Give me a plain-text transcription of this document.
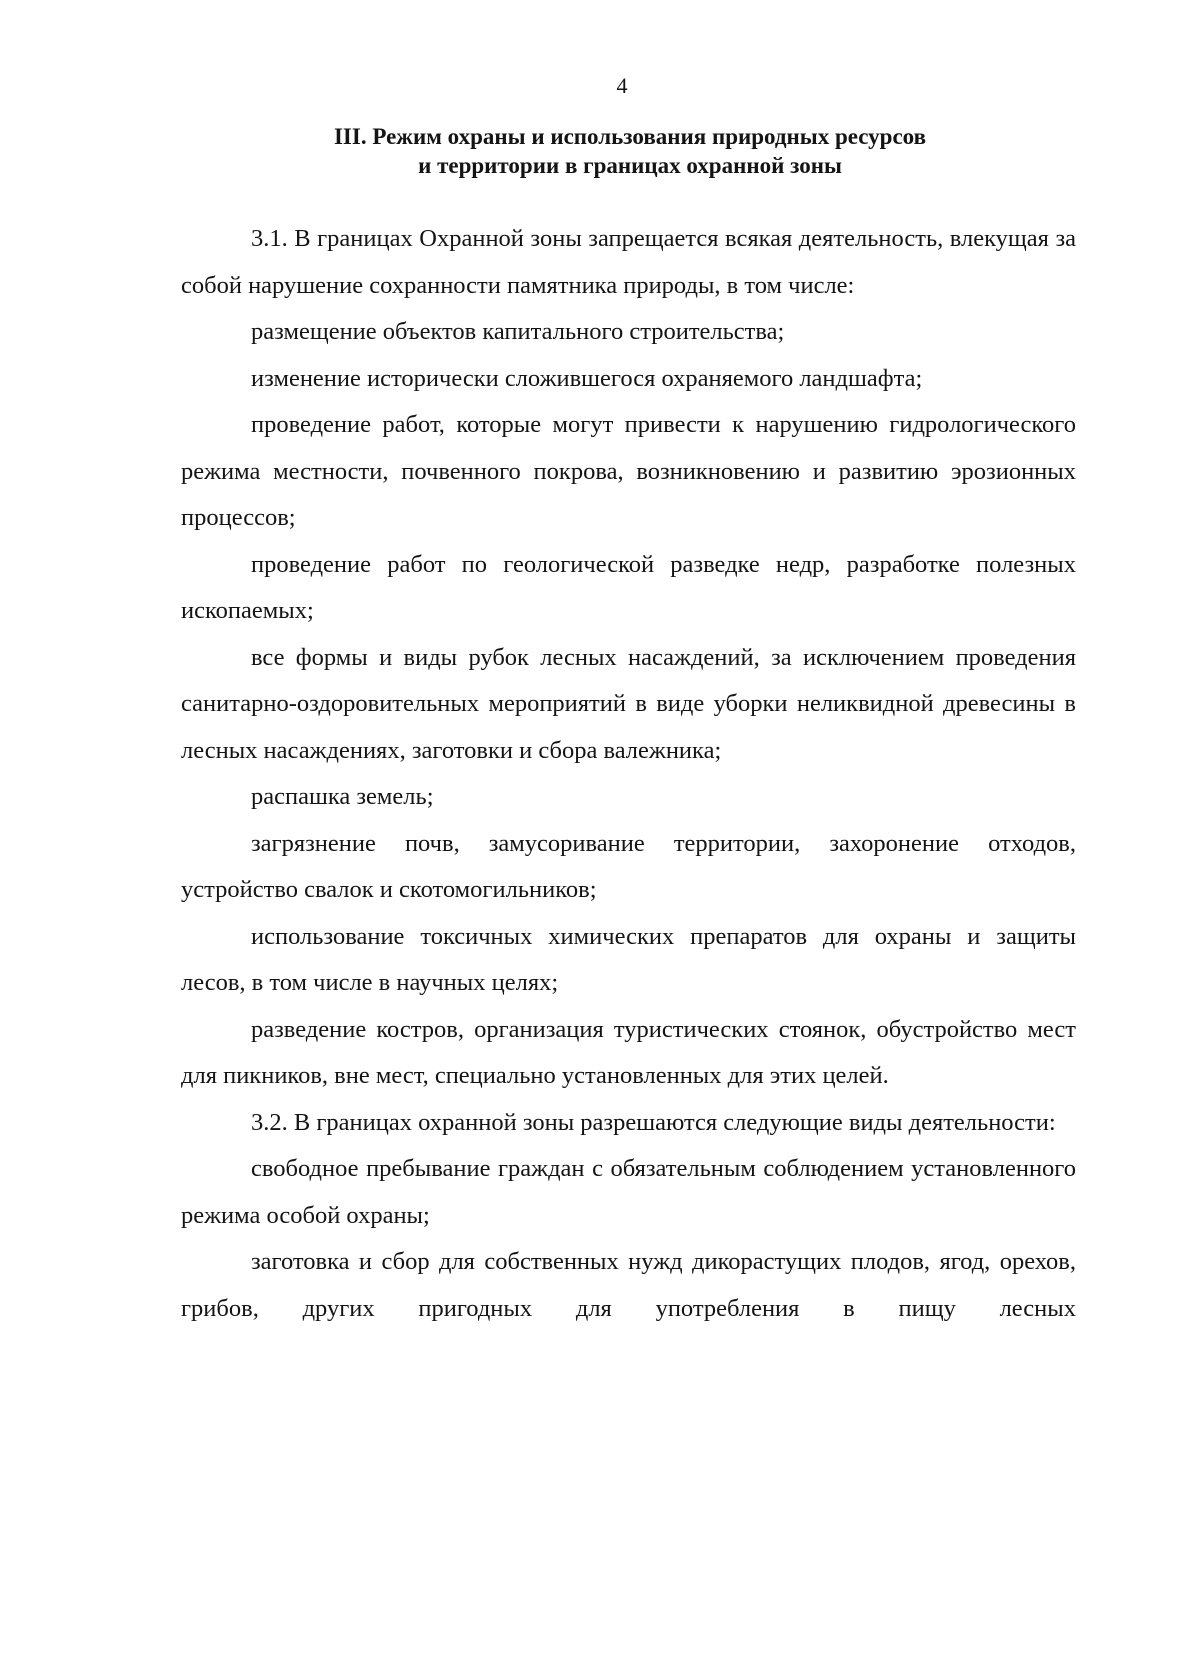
4
III. Режим охраны и использования природных ресурсов
и территории в границах охранной зоны

3.1. В границах Охранной зоны запрещается всякая деятельность, влекущая за собой нарушение сохранности памятника природы, в том числе:

размещение объектов капитального строительства;

изменение исторически сложившегося охраняемого ландшафта;

проведение работ, которые могут привести к нарушению гидрологического режима местности, почвенного покрова, возникновению и развитию эрозионных процессов;

проведение работ по геологической разведке недр, разработке полезных ископаемых;

все формы и виды рубок лесных насаждений, за исключением проведения санитарно-оздоровительных мероприятий в виде уборки неликвидной древесины в лесных насаждениях, заготовки и сбора валежника;

распашка земель;

загрязнение почв, замусоривание территории, захоронение отходов, устройство свалок и скотомогильников;

использование токсичных химических препаратов для охраны и защиты лесов, в том числе в научных целях;

разведение костров, организация туристических стоянок, обустройство мест для пикников, вне мест, специально установленных для этих целей.

3.2. В границах охранной зоны разрешаются следующие виды деятельности:

свободное пребывание граждан с обязательным соблюдением установленного режима особой охраны;

заготовка и сбор для собственных нужд дикорастущих плодов, ягод, орехов, грибов, других пригодных для употребления в пищу лесных
